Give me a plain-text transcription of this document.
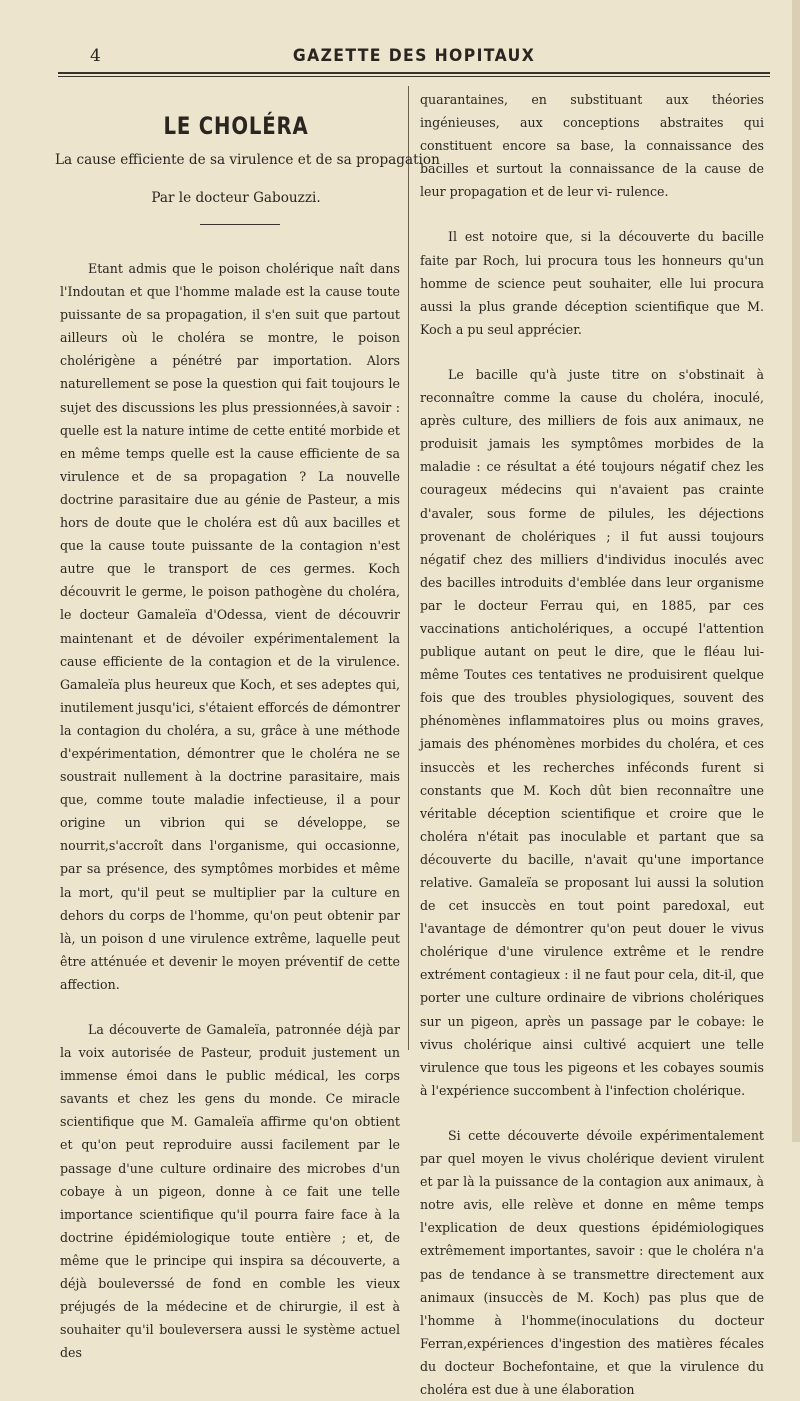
4	GAZETTE DES HOPITAUX
LE CHOLÉRA
La cause efficiente de sa virulence et de sa propagation
Par le docteur Gabouzzi.

Etant admis que le poison cholérique naît dans l'Indoutan et que l'homme malade est la cause toute puissante de sa propagation, il s'en suit que partout ailleurs où le choléra se montre, le poison cholérigène a pénétré par importation. Alors naturellement se pose la question qui fait toujours le sujet des discussions les plus pressionnées,à savoir : quelle est la nature intime de cette entité morbide et en même temps quelle est la cause efficiente de sa virulence et de sa propagation ? La nouvelle doctrine parasitaire due au génie de Pasteur, a mis hors de doute que le choléra est dû aux bacilles et que la cause toute puissante de la contagion n'est autre que le transport de ces germes. Koch découvrit le germe, le poison pathogène du choléra, le docteur Gamaleïa d'Odessa, vient de découvrir maintenant et de dévoiler expérimentalement la cause efficiente de la contagion et de la virulence. Gamaleïa plus heureux que Koch, et ses adeptes qui, inutilement jusqu'ici, s'étaient efforcés de démontrer la contagion du choléra, a su, grâce à une méthode d'expérimentation, démontrer que le choléra ne se soustrait nullement à la doctrine parasitaire, mais que, comme toute maladie infectieuse, il a pour origine un vibrion qui se développe, se nourrit,s'accroît dans l'organisme, qui occasionne, par sa présence, des symptômes morbides et même la mort, qu'il peut se multiplier par la culture en dehors du corps de l'homme, qu'on peut obtenir par là, un poison d une virulence extrême, laquelle peut être atténuée et devenir le moyen préventif de cette affection.

La découverte de Gamaleïa, patronnée déjà par la voix autorisée de Pasteur, produit justement un immense émoi dans le public médical, les corps savants et chez les gens du monde. Ce miracle scientifique que M. Gamaleïa affirme qu'on obtient et qu'on peut reproduire aussi facilement par le passage d'une culture ordinaire des microbes d'un cobaye à un pigeon, donne à ce fait une telle importance scientifique qu'il pourra faire face à la doctrine épidémiologique toute entière ; et, de même que le principe qui inspira sa découverte, a déjà bouleverssé de fond en comble les vieux préjugés de la médecine et de chirurgie, il est à souhaiter qu'il bouleversera aussi le système actuel des

quarantaines, en substituant aux théories ingénieuses, aux conceptions abstraites qui constituent encore sa base, la connaissance des bacilles et surtout la connaissance de la cause de leur propagation et de leur vi- rulence.

Il est notoire que, si la découverte du bacille faite par Roch, lui procura tous les honneurs qu'un homme de science peut souhaiter, elle lui procura aussi la plus grande déception scientifique que M. Koch a pu seul apprécier.

Le bacille qu'à juste titre on s'obstinait à reconnaître comme la cause du choléra, inoculé, après culture, des milliers de fois aux animaux, ne produisit jamais les symptômes morbides de la maladie : ce résultat a été toujours négatif chez les courageux médecins qui n'avaient pas crainte d'avaler, sous forme de pilules, les déjections provenant de cholériques ; il fut aussi toujours négatif chez des milliers d'individus inoculés avec des bacilles introduits d'emblée dans leur organisme par le docteur Ferrau qui, en 1885, par ces vaccinations anticholériques, a occupé l'attention publique autant on peut le dire, que le fléau lui-même Toutes ces tentatives ne produisirent quelque fois que des troubles physiologiques, souvent des phénomènes inflammatoires plus ou moins graves, jamais des phénomènes morbides du choléra, et ces insuccès et les recherches inféconds furent si constants que M. Koch dût bien reconnaître une véritable déception scientifique et croire que le choléra n'était pas inoculable et partant que sa découverte du bacille, n'avait qu'une importance relative. Gamaleïa se proposant lui aussi la solution de cet insuccès en tout point paredoxal, eut l'avantage de démontrer qu'on peut douer le vivus cholérique d'une virulence extrême et le rendre extrément contagieux : il ne faut pour cela, dit-il, que porter une culture ordinaire de vibrions cholériques sur un pigeon, après un passage par le cobaye: le vivus cholérique ainsi cultivé acquiert une telle virulence que tous les pigeons et les cobayes soumis à l'expérience succombent à l'infection cholérique.

Si cette découverte dévoile expérimentalement par quel moyen le vivus cholérique devient virulent et par là la puissance de la contagion aux animaux, à notre avis, elle relève et donne en même temps l'explication de deux questions épidémiologiques extrêmement importantes, savoir : que le choléra n'a pas de tendance à se transmettre directement aux animaux (insuccès de M. Koch) pas plus que de l'homme à l'homme(inoculations du docteur Ferran,expériences d'ingestion des matières fécales du docteur Bochefontaine, et que la virulence du choléra est due à une élaboration
